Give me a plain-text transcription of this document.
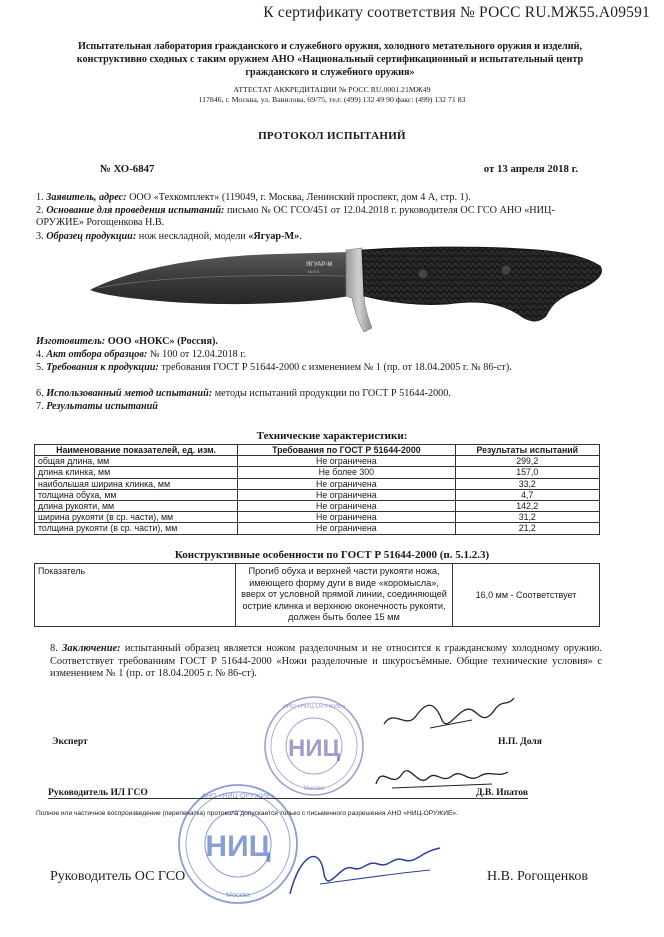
К сертификату соответствия № РОСС RU.МЖ55.А09591
Испытательная лаборатория гражданского и служебного оружия, холодного метательного оружия и изделий, конструктивно сходных с таким оружием АНО «Национальный сертификационный и испытательный центр гражданского и служебного оружия»
АТТЕСТАТ АККРЕДИТАЦИИ № РОСС RU.0001.21МЖ49
117846, г. Москва, ул. Вавилова, 69/75, тел: (499) 132 49 90 факс: (499) 132 71 83
ПРОТОКОЛ ИСПЫТАНИЙ
№ ХО-6847	от 13 апреля 2018 г.
1. Заявитель, адрес: ООО «Техкомплект» (119049, г. Москва, Ленинский проспект, дом 4 А, стр. 1).
2. Основание для проведения испытаний: письмо № ОС ГСО/451 от 12.04.2018 г. руководителя ОС ГСО АНО «НИЦ-ОРУЖИЕ» Рогощенкова Н.В.
3. Образец продукции: нож нескладной, модели «Ягуар-М».
ЯГУАР-М
NOKS
Изготовитель: ООО «НОКС» (Россия).
4. Акт отбора образцов: № 100 от 12.04.2018 г.
5. Требования к продукции: требования ГОСТ Р 51644-2000 с изменением № 1 (пр. от 18.04.2005 г. № 86-ст).
6. Использованный метод испытаний: методы испытаний продукции по ГОСТ Р 51644-2000.
7. Результаты испытаний
Технические характеристики:
Наименование показателей, ед. изм.	Требования по ГОСТ Р 51644-2000	Результаты испытаний
общая длина, мм	Не ограничена	299,2
длина клинка, мм	Не более 300	157,0
наибольшая ширина клинка, мм	Не ограничена	33,2
толщина обуха, мм	Не ограничена	4,7
длина рукояти, мм	Не ограничена	142,2
ширина рукояти (в ср. части), мм	Не ограничена	31,2
толщина рукояти (в ср. части), мм	Не ограничена	21,2
Конструктивные особенности по ГОСТ Р 51644-2000 (п. 5.1.2.3)
Показатель	Прогиб обуха и верхней части рукояти ножа, имеющего форму дуги в виде «коромысла», вверх от условной прямой линии, соединяющей острие клинка и верхнюю оконечность рукояти, должен быть более 15 мм	16,0 мм - Соответствует
8. Заключение: испытанный образец является ножом разделочным и не относится к гражданскому холодному оружию. Соответствует требованиям ГОСТ Р 51644-2000 «Ножи разделочные и шкуросъёмные. Общие технические условия» с изменением № 1 (пр. от 18.04.2005 г. № 86-ст).
АНО «НИЦ-ОРУЖИЕ»
Москва
НИЦ
АНО «НИЦ-ОРУЖИЕ»
Москва
НИЦ
Эксперт	Н.П. Доля
Руководитель ИЛ ГСО	Д.В. Ипатов
Полное или частичное воспроизведение (перепечатка) протокола допускается только с письменного разрешения АНО «НИЦ-ОРУЖИЕ».
Руководитель ОС ГСО	Н.В. Рогощенков
